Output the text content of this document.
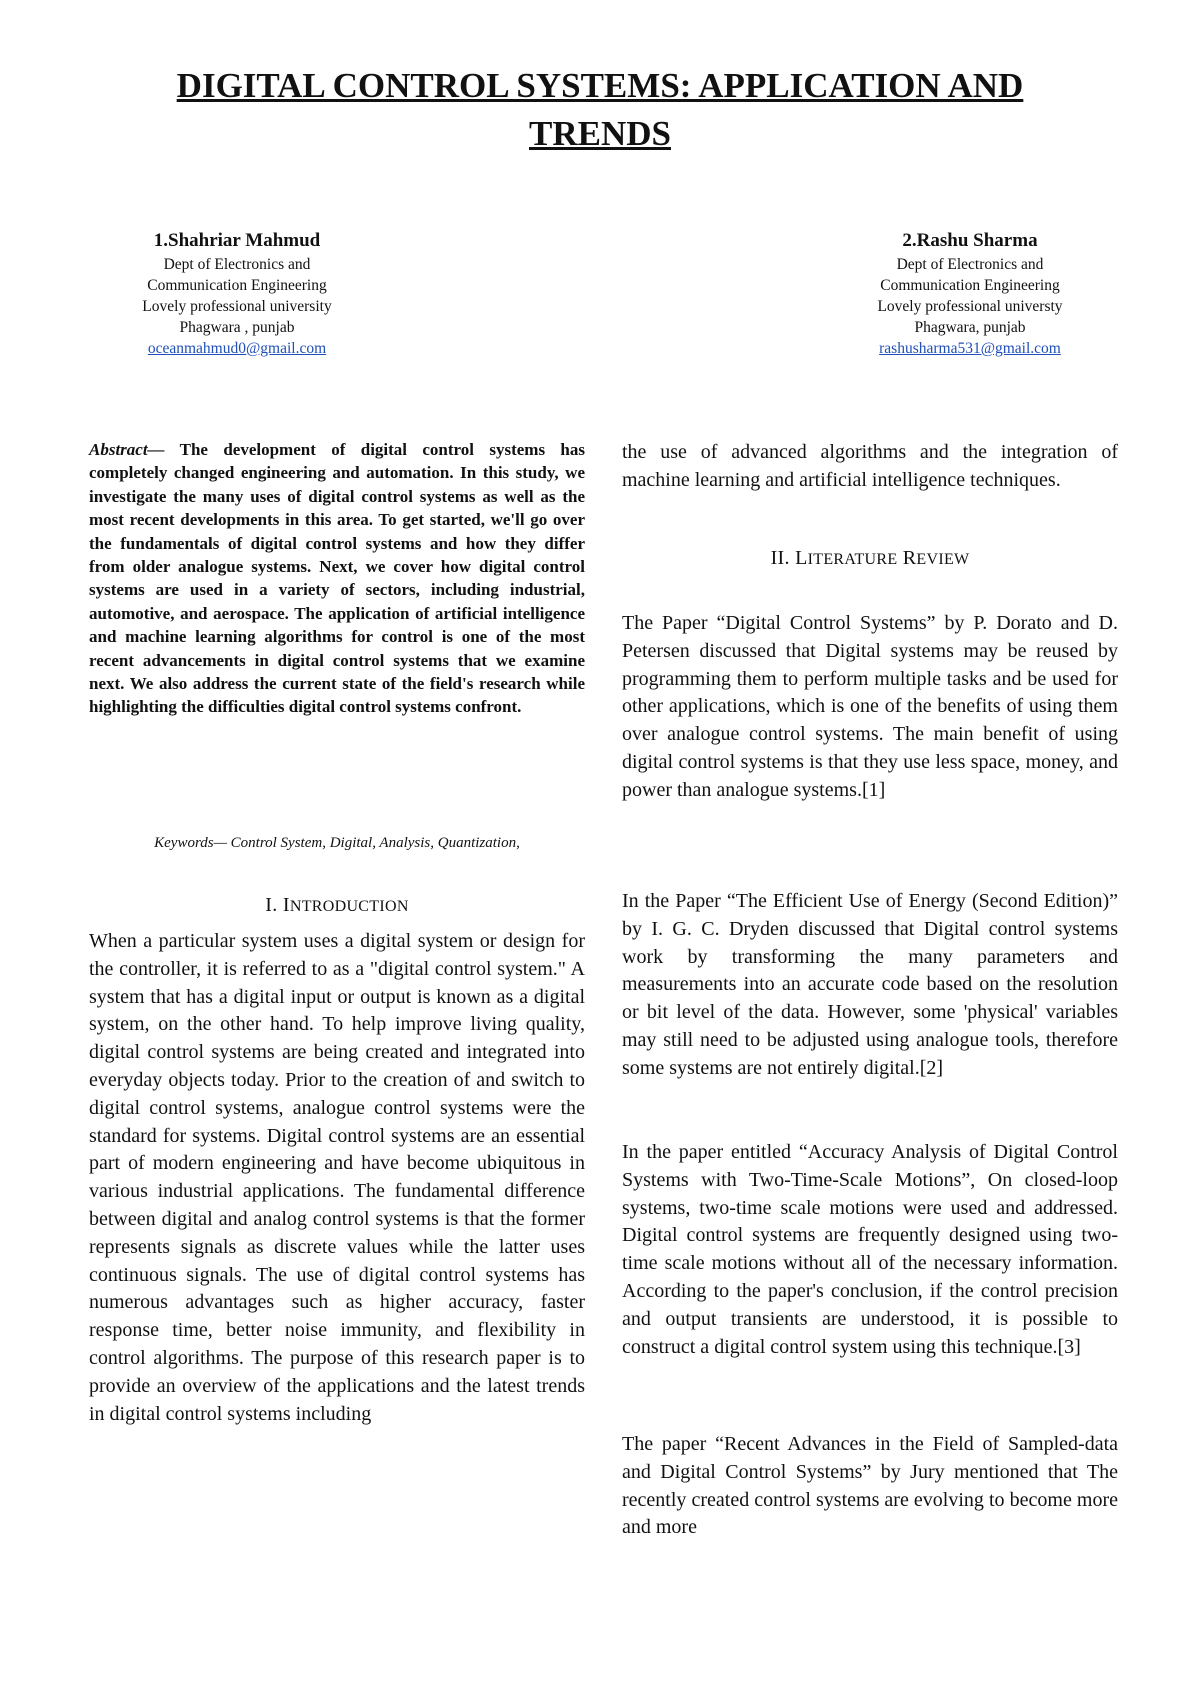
DIGITAL CONTROL SYSTEMS: APPLICATION AND
TRENDS
1.Shahriar Mahmud
Dept of Electronics and
Communication Engineering
Lovely professional university
Phagwara , punjab
oceanmahmud0@gmail.com
2.Rashu Sharma
Dept of Electronics and
Communication Engineering
Lovely professional universty
Phagwara, punjab
rashusharma531@gmail.com

Abstract— The development of digital control systems has completely changed engineering and automation. In this study, we investigate the many uses of digital control systems as well as the most recent developments in this area. To get started, we'll go over the fundamentals of digital control systems and how they differ from older analogue systems. Next, we cover how digital control systems are used in a variety of sectors, including industrial, automotive, and aerospace. The application of artificial intelligence and machine learning algorithms for control is one of the most recent advancements in digital control systems that we examine next. We also address the current state of the field's research while highlighting the difficulties digital control systems confront.

Keywords— Control System, Digital, Analysis, Quantization,
I. INTRODUCTION

When a particular system uses a digital system or design for the controller, it is referred to as a "digital control system." A system that has a digital input or output is known as a digital system, on the other hand. To help improve living quality, digital control systems are being created and integrated into everyday objects today. Prior to the creation of and switch to digital control systems, analogue control systems were the standard for systems. Digital control systems are an essential part of modern engineering and have become ubiquitous in various industrial applications. The fundamental difference between digital and analog control systems is that the former represents signals as discrete values while the latter uses continuous signals. The use of digital control systems has numerous advantages such as higher accuracy, faster response time, better noise immunity, and flexibility in control algorithms. The purpose of this research paper is to provide an overview of the applications and the latest trends in digital control systems including

the use of advanced algorithms and the integration of machine learning and artificial intelligence techniques.

II. LITERATURE REVIEW

The Paper “Digital Control Systems” by P. Dorato and D. Petersen discussed that Digital systems may be reused by programming them to perform multiple tasks and be used for other applications, which is one of the benefits of using them over analogue control systems. The main benefit of using digital control systems is that they use less space, money, and power than analogue systems.[1]

In the Paper “The Efficient Use of Energy (Second Edition)” by I. G. C. Dryden discussed that Digital control systems work by transforming the many parameters and measurements into an accurate code based on the resolution or bit level of the data. However, some 'physical' variables may still need to be adjusted using analogue tools, therefore some systems are not entirely digital.[2]

In the paper entitled “Accuracy Analysis of Digital Control Systems with Two-Time-Scale Motions”, On closed-loop systems, two-time scale motions were used and addressed. Digital control systems are frequently designed using two-time scale motions without all of the necessary information. According to the paper's conclusion, if the control precision and output transients are understood, it is possible to construct a digital control system using this technique.[3]

The paper “Recent Advances in the Field of Sampled-data and Digital Control Systems” by Jury mentioned that The recently created control systems are evolving to become more and more
